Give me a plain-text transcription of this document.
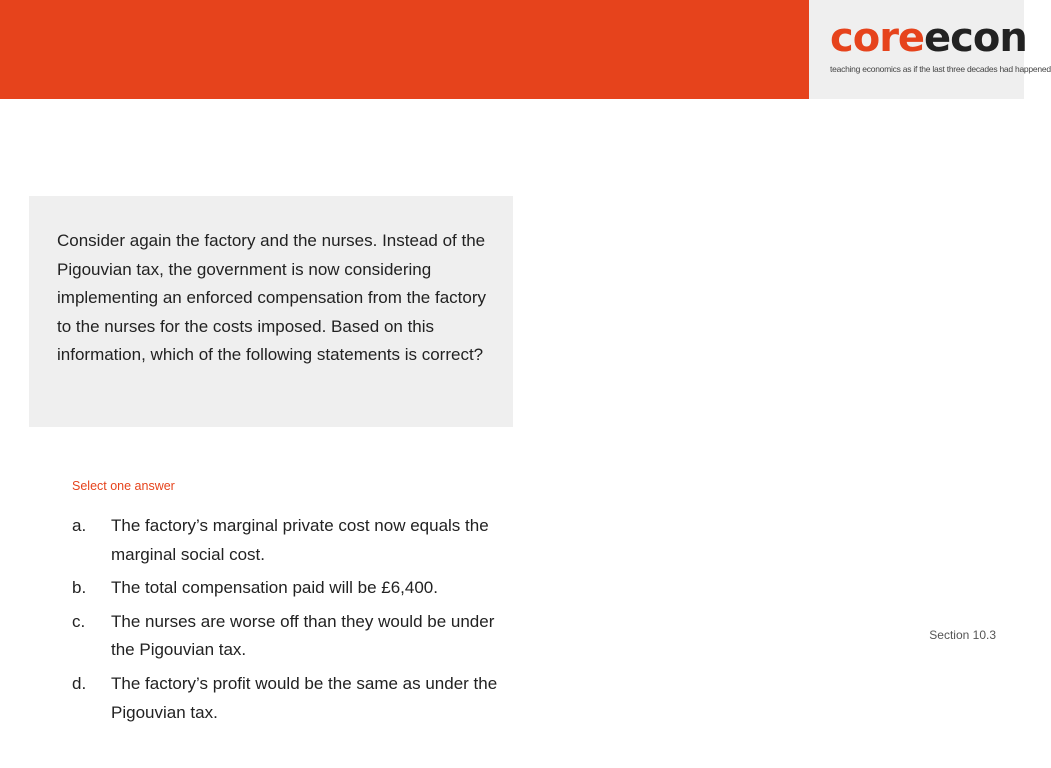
coreecon
teaching economics as if the last three decades had happened

Consider again the factory and the nurses. Instead of the Pigouvian tax, the government is now considering implementing an enforced compensation from the factory to the nurses for the costs imposed. Based on this information, which of the following statements is correct?

Select one answer
a.	The factory’s marginal private cost now equals the marginal social cost.
b.	The total compensation paid will be £6,400.
c.	The nurses are worse off than they would be under the Pigouvian tax.
d.	The factory’s profit would be the same as under the Pigouvian tax.
Section 10.3
